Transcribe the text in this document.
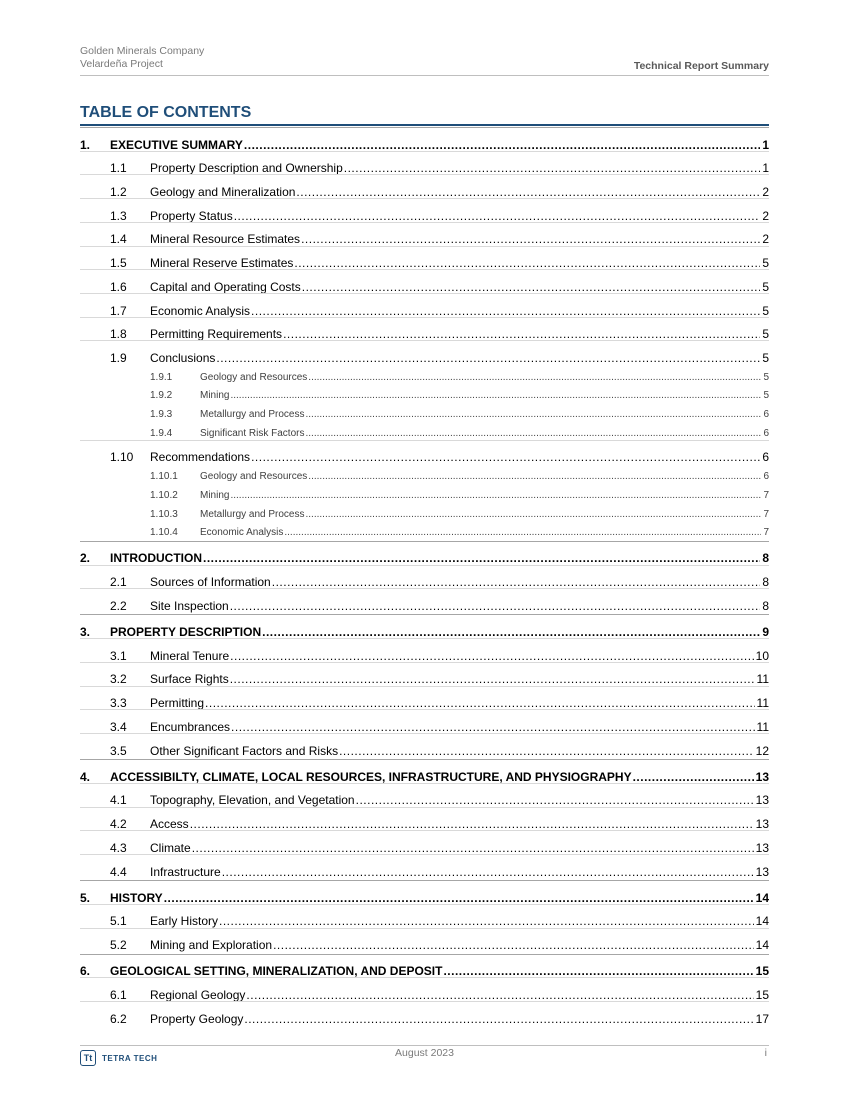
Golden Minerals Company
Velardeña Project	Technical Report Summary
TABLE OF CONTENTS
1.	EXECUTIVE SUMMARY .....	1
1.1	Property Description and Ownership .....	1
1.2	Geology and Mineralization .....	2
1.3	Property Status .....	2
1.4	Mineral Resource Estimates .....	2
1.5	Mineral Reserve Estimates .....	5
1.6	Capital and Operating Costs .....	5
1.7	Economic Analysis .....	5
1.8	Permitting Requirements .....	5
1.9	Conclusions .....	5
1.9.1	Geology and Resources .....	5
1.9.2	Mining .....	5
1.9.3	Metallurgy and Process .....	6
1.9.4	Significant Risk Factors .....	6
1.10	Recommendations .....	6
1.10.1	Geology and Resources .....	6
1.10.2	Mining .....	7
1.10.3	Metallurgy and Process .....	7
1.10.4	Economic Analysis .....	7
2.	INTRODUCTION .....	8
2.1	Sources of Information .....	8
2.2	Site Inspection .....	8
3.	PROPERTY DESCRIPTION .....	9
3.1	Mineral Tenure .....	10
3.2	Surface Rights .....	11
3.3	Permitting .....	11
3.4	Encumbrances .....	11
3.5	Other Significant Factors and Risks .....	12
4.	ACCESSIBILTY, CLIMATE, LOCAL RESOURCES, INFRASTRUCTURE, AND PHYSIOGRAPHY .....	13
4.1	Topography, Elevation, and Vegetation .....	13
4.2	Access .....	13
4.3	Climate .....	13
4.4	Infrastructure .....	13
5.	HISTORY .....	14
5.1	Early History .....	14
5.2	Mining and Exploration .....	14
6.	GEOLOGICAL SETTING, MINERALIZATION, AND DEPOSIT .....	15
6.1	Regional Geology .....	15
6.2	Property Geology .....	17
Tt	TETRA TECH	August 2023	i
